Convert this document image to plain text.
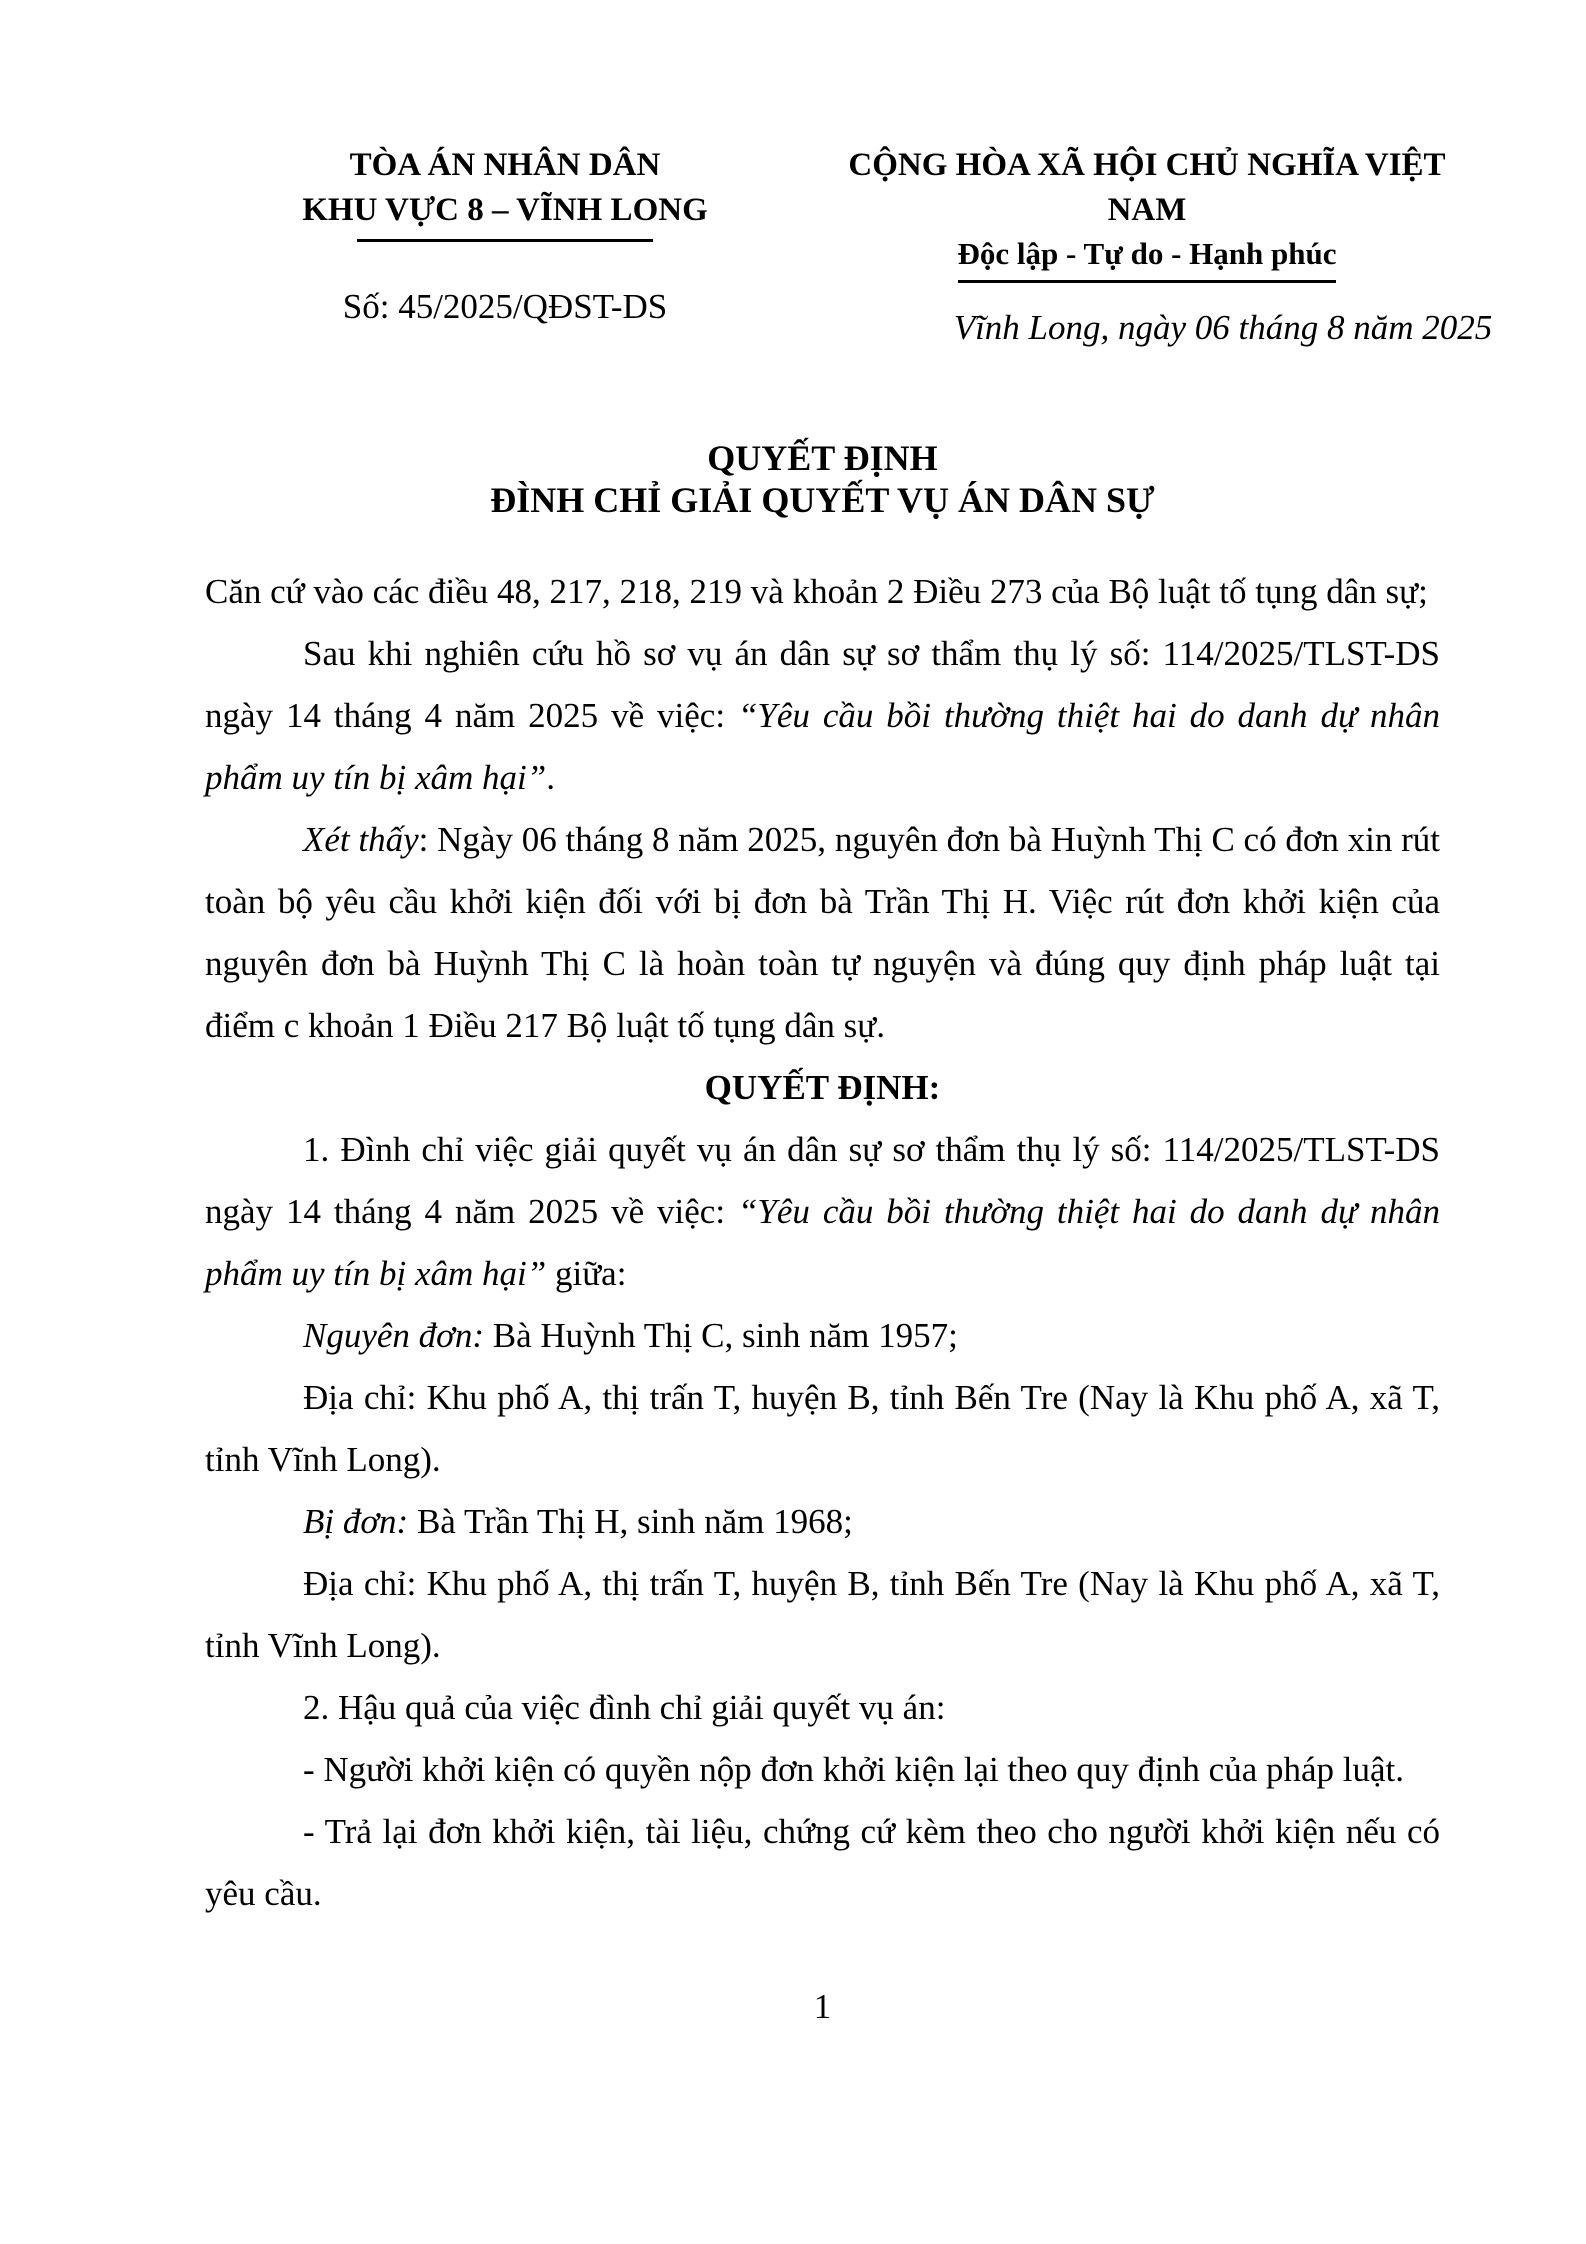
TÒA ÁN NHÂN DÂN
KHU VỰC 8 – VĨNH LONG
Số: 45/2025/QĐST-DS
CỘNG HÒA XÃ HỘI CHỦ NGHĨA VIỆT NAM
Độc lập - Tự do - Hạnh phúc
Vĩnh Long, ngày 06 tháng 8 năm 2025
QUYẾT ĐỊNH
ĐÌNH CHỈ GIẢI QUYẾT VỤ ÁN DÂN SỰ

Căn cứ vào các điều 48, 217, 218, 219 và khoản 2 Điều 273 của Bộ luật tố tụng dân sự;

Sau khi nghiên cứu hồ sơ vụ án dân sự sơ thẩm thụ lý số: 114/2025/TLST-DS ngày 14 tháng 4 năm 2025 về việc: “Yêu cầu bồi thường thiệt hai do danh dự nhân phẩm uy tín bị xâm hại”.

Xét thấy: Ngày 06 tháng 8 năm 2025, nguyên đơn bà Huỳnh Thị C có đơn xin rút toàn bộ yêu cầu khởi kiện đối với bị đơn bà Trần Thị H. Việc rút đơn khởi kiện của nguyên đơn bà Huỳnh Thị C là hoàn toàn tự nguyện và đúng quy định pháp luật tại điểm c khoản 1 Điều 217 Bộ luật tố tụng dân sự.

QUYẾT ĐỊNH:

1. Đình chỉ việc giải quyết vụ án dân sự sơ thẩm thụ lý số: 114/2025/TLST-DS ngày 14 tháng 4 năm 2025 về việc: “Yêu cầu bồi thường thiệt hai do danh dự nhân phẩm uy tín bị xâm hại” giữa:

Nguyên đơn: Bà Huỳnh Thị C, sinh năm 1957;

Địa chỉ: Khu phố A, thị trấn T, huyện B, tỉnh Bến Tre (Nay là Khu phố A, xã T, tỉnh Vĩnh Long).

Bị đơn: Bà Trần Thị H, sinh năm 1968;

Địa chỉ: Khu phố A, thị trấn T, huyện B, tỉnh Bến Tre (Nay là Khu phố A, xã T, tỉnh Vĩnh Long).

2. Hậu quả của việc đình chỉ giải quyết vụ án:

- Người khởi kiện có quyền nộp đơn khởi kiện lại theo quy định của pháp luật.

- Trả lại đơn khởi kiện, tài liệu, chứng cứ kèm theo cho người khởi kiện nếu có yêu cầu.

1
